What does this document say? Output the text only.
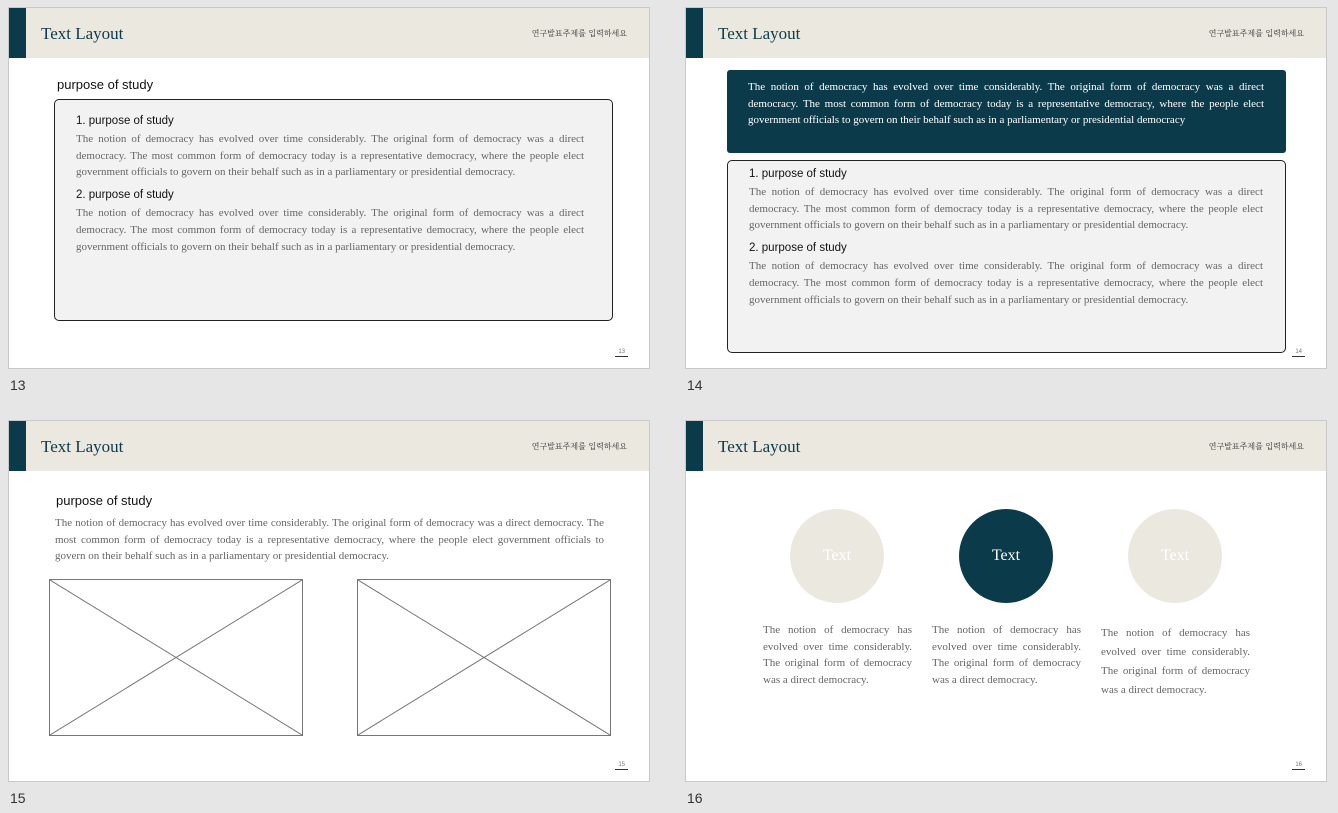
Text Layout	연구발표주제를 입력하세요
purpose of study
1. purpose of study

The notion of democracy has evolved over time considerably. The original form of democracy was a direct democracy. The most common form of democracy today is a representative democracy, where the people elect government officials to govern on their behalf such as in a parliamentary or presidential democracy.

2. purpose of study

The notion of democracy has evolved over time considerably. The original form of democracy was a direct democracy. The most common form of democracy today is a representative democracy, where the people elect government officials to govern on their behalf such as in a parliamentary or presidential democracy.

13
13
Text Layout	연구발표주제를 입력하세요

The notion of democracy has evolved over time considerably. The original form of democracy was a direct democracy. The most common form of democracy today is a representative democracy, where the people elect government officials to govern on their behalf such as in a parliamentary or presidential democracy

1. purpose of study

The notion of democracy has evolved over time considerably. The original form of democracy was a direct democracy. The most common form of democracy today is a representative democracy, where the people elect government officials to govern on their behalf such as in a parliamentary or presidential democracy.

2. purpose of study

The notion of democracy has evolved over time considerably. The original form of democracy was a direct democracy. The most common form of democracy today is a representative democracy, where the people elect government officials to govern on their behalf such as in a parliamentary or presidential democracy.

14
14
Text Layout	연구발표주제를 입력하세요
purpose of study

The notion of democracy has evolved over time considerably. The original form of democracy was a direct democracy. The most common form of democracy today is a representative democracy, where the people elect government officials to govern on their behalf such as in a parliamentary or presidential democracy.

15
15
Text Layout	연구발표주제를 입력하세요
Text	Text	Text
The notion of democracy has evolved over time considerably. The original form of democracy was a direct democracy.
The notion of democracy has evolved over time considerably. The original form of democracy was a direct democracy.
The notion of democracy has evolved over time considerably. The original form of democracy was a direct democracy.
16
16
